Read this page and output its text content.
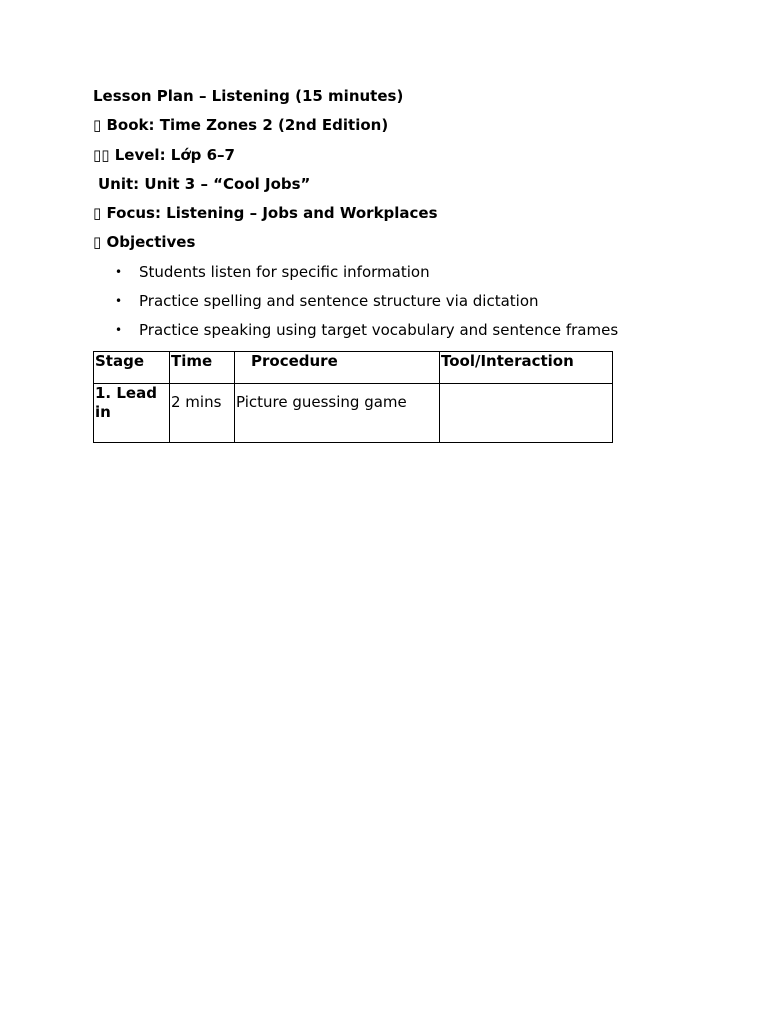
Lesson Plan – Listening (15 minutes)
▯ Book: Time Zones 2 (2nd Edition)
▯▯ Level: Lớp 6–7
Unit: Unit 3 – “Cool Jobs”
▯ Focus: Listening – Jobs and Workplaces
▯ Objectives
• Students listen for specific information
• Practice spelling and sentence structure via dictation
• Practice speaking using target vocabulary and sentence frames
Stage	Time	Procedure	Tool/Interaction
1. Lead in	2 mins	Picture guessing game	
